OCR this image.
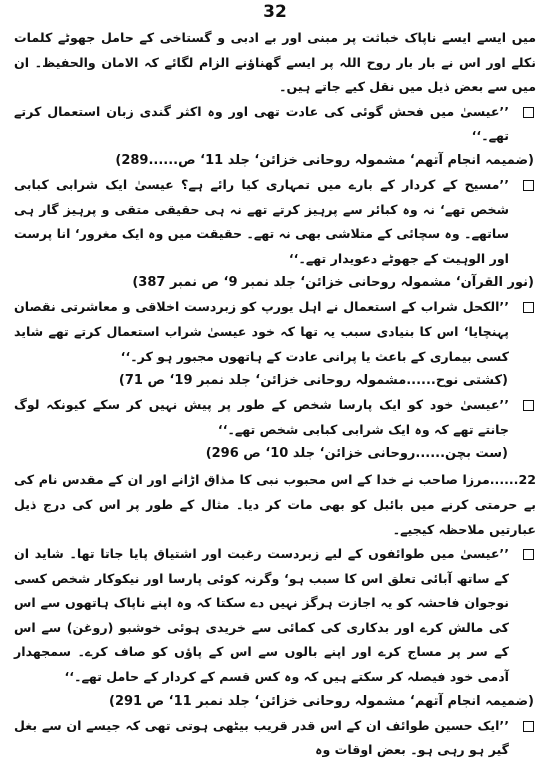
32

میں ایسے ایسے ناپاک خباثت پر مبنی اور بے ادبی و گستاخی کے حامل جھوٹے کلمات نکلے اور اس نے بار بار روح اللہ پر ایسے گھناؤنے الزام لگائے کہ الامان والحفیظ۔ ان میں سے بعض ذیل میں نقل کیے جاتے ہیں۔

’’عیسیٰ میں فحش گوئی کی عادت تھی اور وہ اکثر گندی زبان استعمال کرتے تھے۔‘‘
(ضمیمہ انجام آتھم‘ مشمولہ روحانی خزائن‘ جلد 11‘ ص......289)
’’مسیح کے کردار کے بارے میں تمہاری کیا رائے ہے؟ عیسیٰ ایک شرابی کبابی شخص تھے‘ نہ وہ کبائر سے پرہیز کرتے تھے نہ ہی حقیقی متقی و پرہیز گار ہی ساتھے۔ وہ سچائی کے متلاشی بھی نہ تھے۔ حقیقت میں وہ ایک مغرور‘ انا پرست اور الوہیت کے جھوٹے دعویدار تھے۔‘‘
(نور القرآن‘ مشمولہ روحانی خزائن‘ جلد نمبر 9‘ ص نمبر 387)
’’الکحل شراب کے استعمال نے اہل یورپ کو زبردست اخلاقی و معاشرتی نقصان پہنچایا‘ اس کا بنیادی سبب یہ تھا کہ خود عیسیٰ شراب استعمال کرتے تھے شاید کسی بیماری کے باعث یا پرانی عادت کے ہاتھوں مجبور ہو کر۔‘‘
(کشتی نوح......مشمولہ روحانی خزائن‘ جلد نمبر 19‘ ص 71)
’’عیسیٰ خود کو ایک پارسا شخص کے طور پر پیش نہیں کر سکے کیونکہ لوگ جانتے تھے کہ وہ ایک شرابی کبابی شخص تھے۔‘‘
(ست بچن......روحانی خزائن‘ جلد 10‘ ص 296)

22......مرزا صاحب نے خدا کے اس محبوب نبی کا مذاق اڑانے اور ان کے مقدس نام کی بے حرمتی کرنے میں بائبل کو بھی مات کر دیا۔ مثال کے طور پر اس کی درج ذیل عبارتیں ملاحظہ کیجیے۔

’’عیسیٰ میں طوائفوں کے لیے زبردست رغبت اور اشتیاق پایا جاتا تھا۔ شاید ان کے ساتھ آبائی تعلق اس کا سبب ہو‘ وگرنہ کوئی پارسا اور نیکوکار شخص کسی نوجوان فاحشہ کو یہ اجازت ہرگز نہیں دے سکتا کہ وہ اپنے ناپاک ہاتھوں سے اس کی مالش کرے اور بدکاری کی کمائی سے خریدی ہوئی خوشبو (روغن) سے اس کے سر پر مساج کرے اور اپنے بالوں سے اس کے پاؤں کو صاف کرے۔ سمجھدار آدمی خود فیصلہ کر سکتے ہیں کہ وہ کس قسم کے کردار کے حامل تھے۔‘‘
(ضمیمہ انجام آتھم‘ مشمولہ روحانی خزائن‘ جلد نمبر 11‘ ص 291)
’’ایک حسین طوائف ان کے اس قدر قریب بیٹھی ہوتی تھی کہ جیسے ان سے بغل گیر ہو رہی ہو۔ بعض اوقات وہ
